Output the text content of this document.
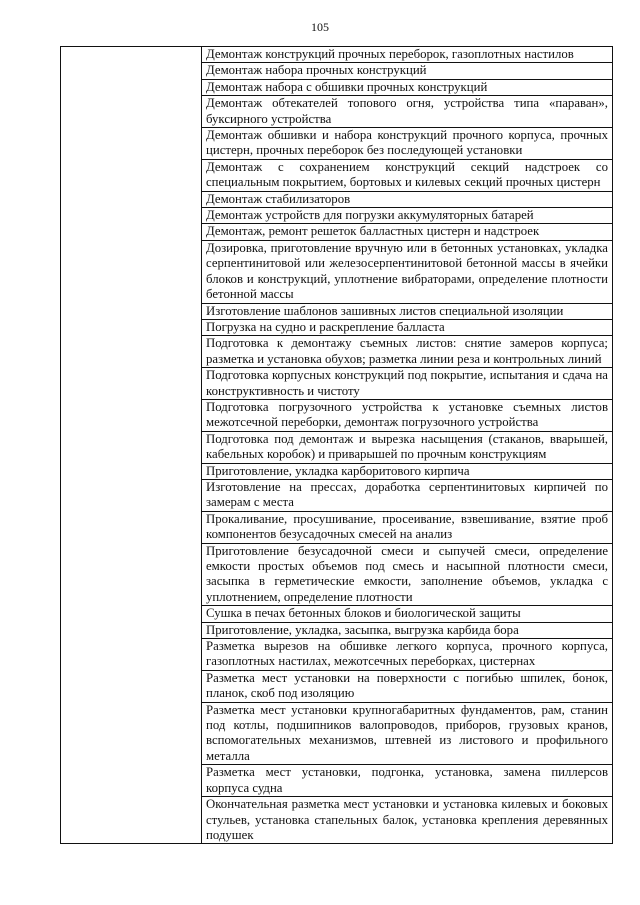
105
Демонтаж конструкций прочных переборок, газоплотных настилов
Демонтаж набора прочных конструкций
Демонтаж набора с обшивки прочных конструкций
Демонтаж обтекателей топового огня, устройства типа «параван», буксирного устройства
Демонтаж обшивки и набора конструкций прочного корпуса, прочных цистерн, прочных переборок без последующей установки
Демонтаж с сохранением конструкций секций надстроек со специальным покрытием, бортовых и килевых секций прочных цистерн
Демонтаж стабилизаторов
Демонтаж устройств для погрузки аккумуляторных батарей
Демонтаж, ремонт решеток балластных цистерн и надстроек
Дозировка, приготовление вручную или в бетонных установках, укладка серпентинитовой или железосерпентинитовой бетонной массы в ячейки блоков и конструкций, уплотнение вибраторами, определение плотности бетонной массы
Изготовление шаблонов зашивных листов специальной изоляции
Погрузка на судно и раскрепление балласта
Подготовка к демонтажу съемных листов: снятие замеров корпуса; разметка и установка обухов; разметка линии реза и контрольных линий
Подготовка корпусных конструкций под покрытие, испытания и сдача на конструктивность и чистоту
Подготовка погрузочного устройства к установке съемных листов межотсечной переборки, демонтаж погрузочного устройства
Подготовка под демонтаж и вырезка насыщения (стаканов, вварышей, кабельных коробок) и приварышей по прочным конструкциям
Приготовление, укладка карборитового кирпича
Изготовление на прессах, доработка серпентинитовых кирпичей по замерам с места
Прокаливание, просушивание, просеивание, взвешивание, взятие проб компонентов безусадочных смесей на анализ
Приготовление безусадочной смеси и сыпучей смеси, определение емкости простых объемов под смесь и насыпной плотности смеси, засыпка в герметические емкости, заполнение объемов, укладка с уплотнением, определение плотности
Сушка в печах бетонных блоков и биологической защиты
Приготовление, укладка, засыпка, выгрузка карбида бора
Разметка вырезов на обшивке легкого корпуса, прочного корпуса, газоплотных настилах, межотсечных переборках, цистернах
Разметка мест установки на поверхности с погибью шпилек, бонок, планок, скоб под изоляцию
Разметка мест установки крупногабаритных фундаментов, рам, станин под котлы, подшипников валопроводов, приборов, грузовых кранов, вспомогательных механизмов, штевней из листового и профильного металла
Разметка мест установки, подгонка, установка, замена пиллерсов корпуса судна
Окончательная разметка мест установки и установка килевых и боковых стульев, установка стапельных балок, установка крепления деревянных подушек
